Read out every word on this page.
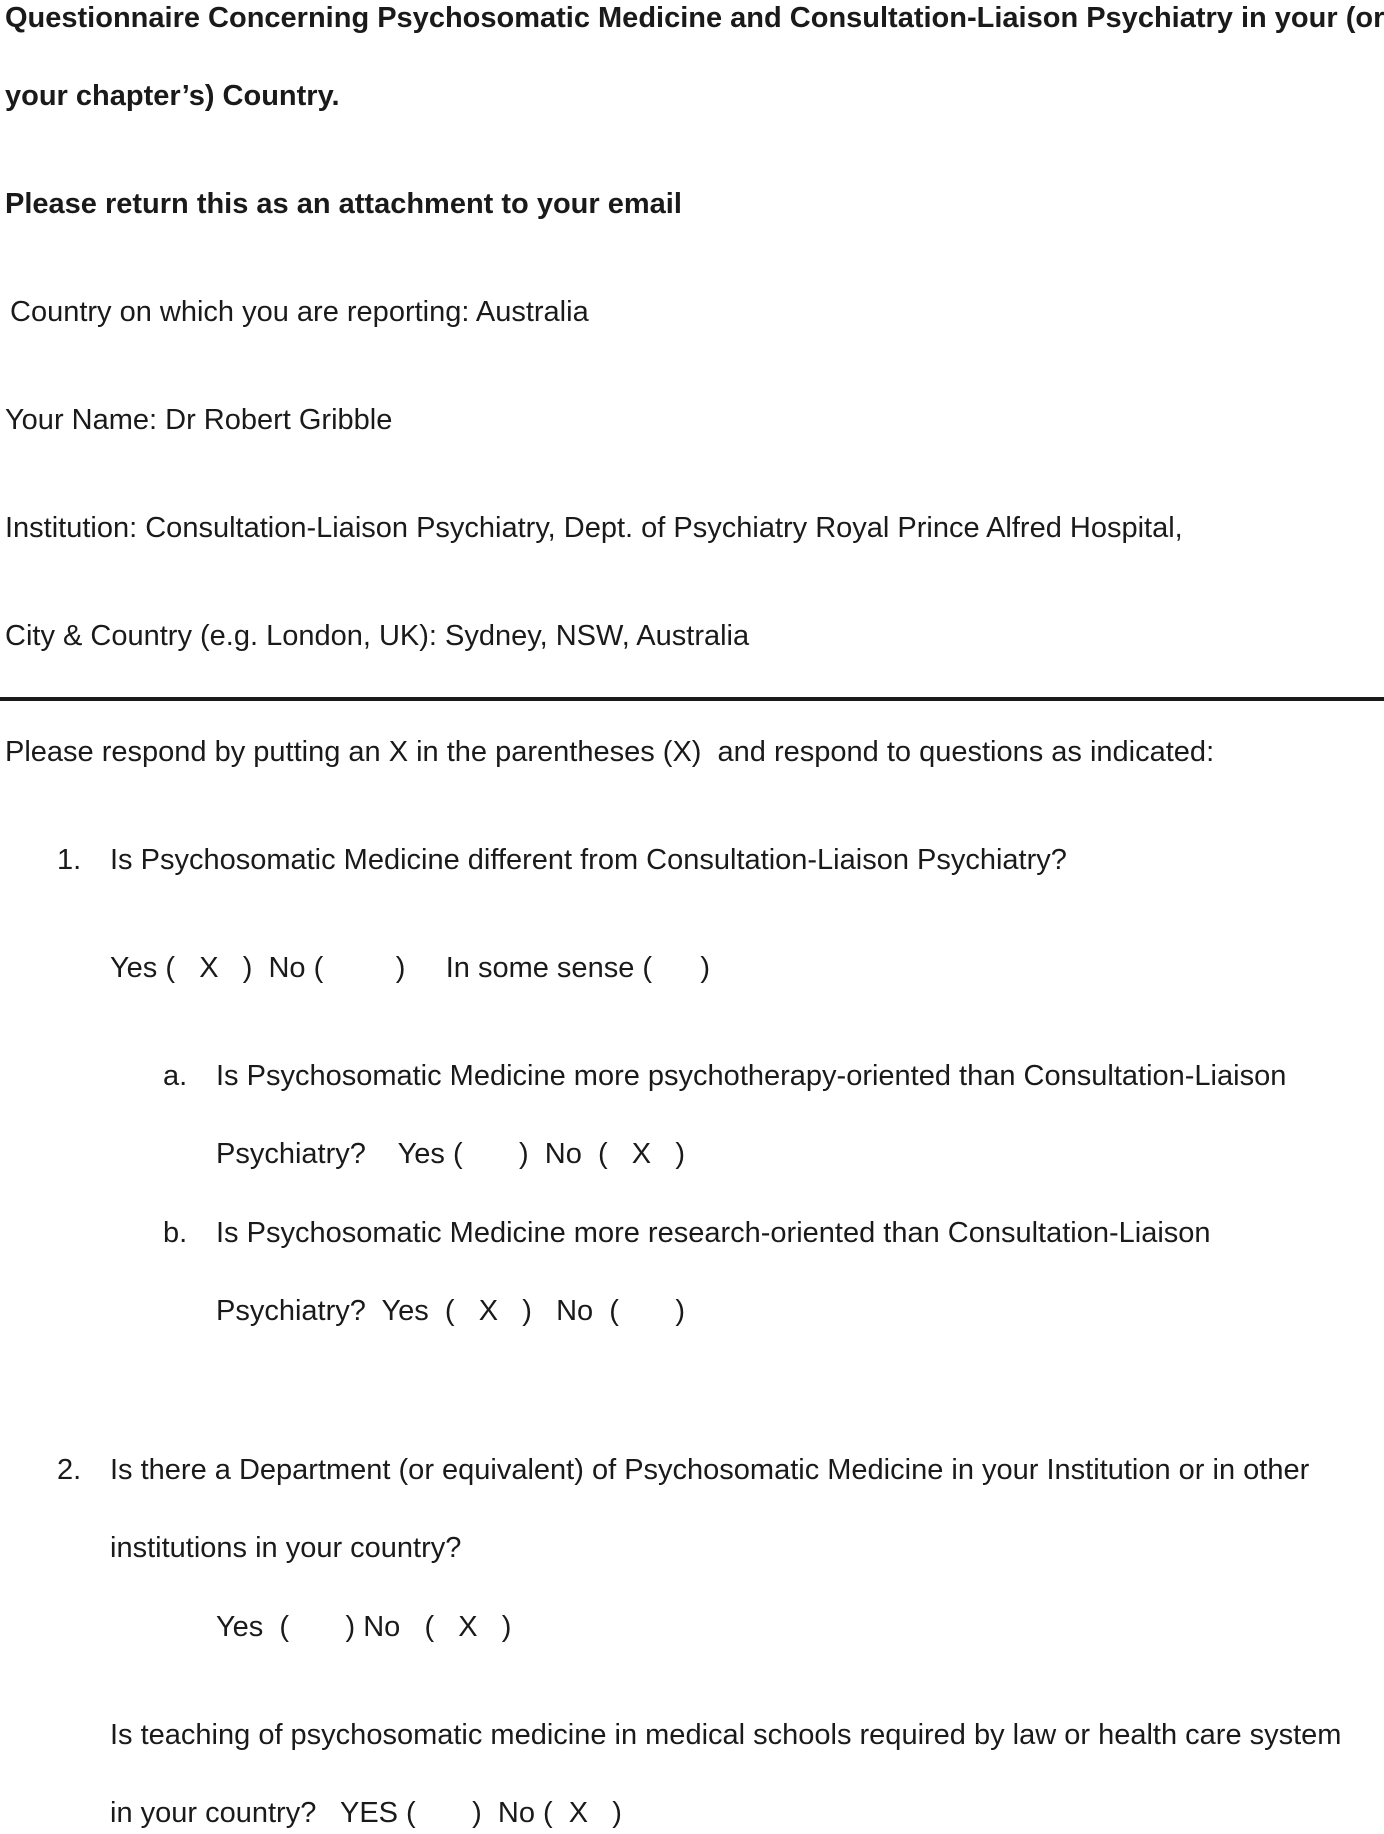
Questionnaire Concerning Psychosomatic Medicine and Consultation-Liaison Psychiatry in your (or
your chapter’s) Country.
Please return this as an attachment to your email
Country on which you are reporting: Australia
Your Name: Dr Robert Gribble
Institution: Consultation-Liaison Psychiatry, Dept. of Psychiatry Royal Prince Alfred Hospital,
City & Country (e.g. London, UK): Sydney, NSW, Australia
Please respond by putting an X in the parentheses (X)  and respond to questions as indicated:
1. Is Psychosomatic Medicine different from Consultation-Liaison Psychiatry?
Yes (   X   )  No (         )     In some sense (      )
a. Is Psychosomatic Medicine more psychotherapy-oriented than Consultation-Liaison
Psychiatry?    Yes (       )  No  (   X   )
b. Is Psychosomatic Medicine more research-oriented than Consultation-Liaison
Psychiatry?  Yes  (   X   )   No  (       )
2. Is there a Department (or equivalent) of Psychosomatic Medicine in your Institution or in other
institutions in your country?
Yes  (       ) No   (   X   )
Is teaching of psychosomatic medicine in medical schools required by law or health care system
in your country?   YES (       )  No (  X   )
